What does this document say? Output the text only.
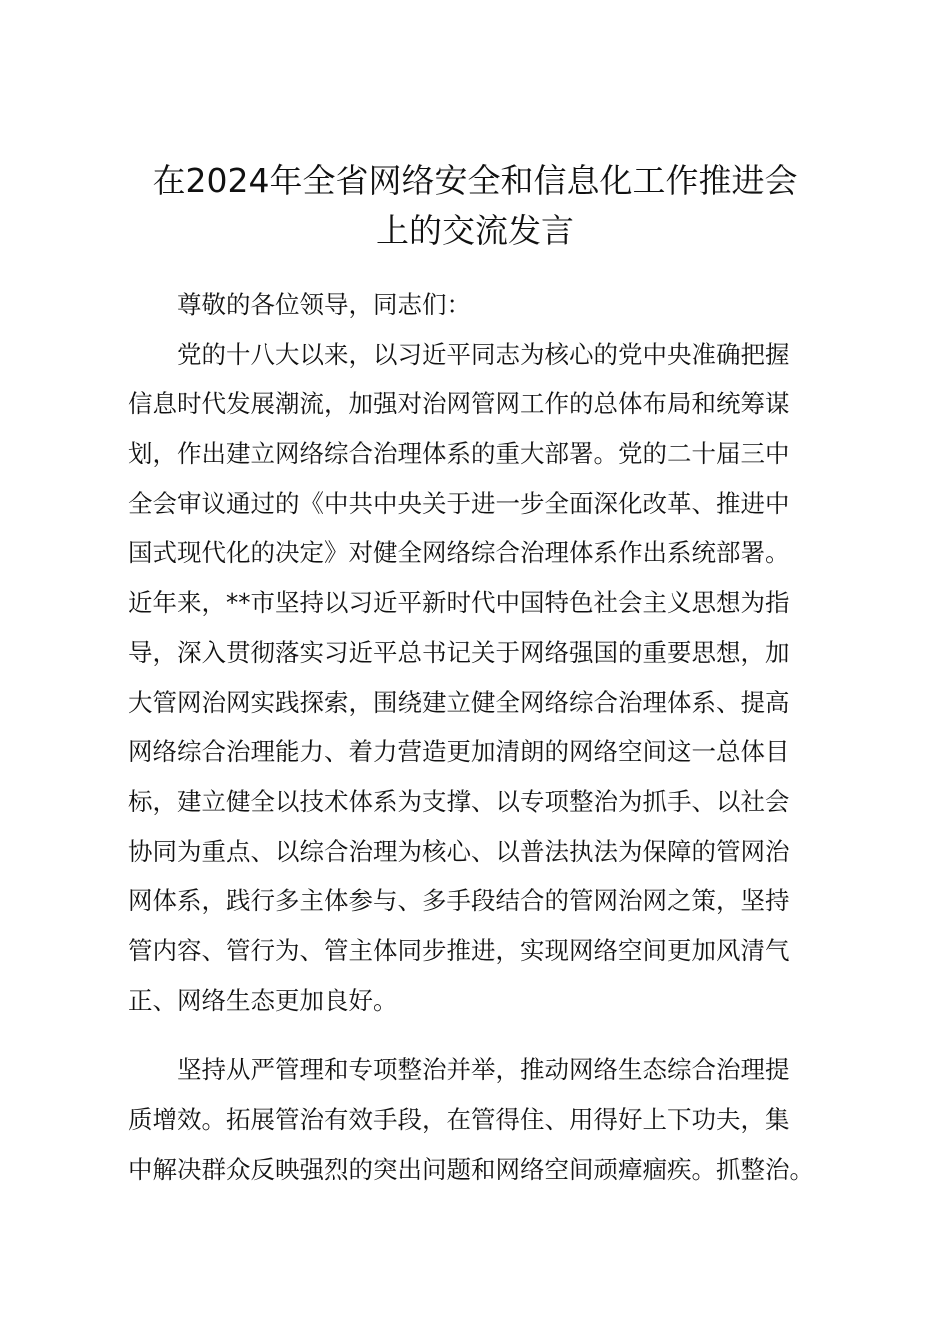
在2024年全省网络安全和信息化工作推进会
上的交流发言
尊敬的各位领导，同志们：
党的十八大以来，以习近平同志为核心的党中央准确把握
信息时代发展潮流，加强对治网管网工作的总体布局和统筹谋
划，作出建立网络综合治理体系的重大部署。党的二十届三中
全会审议通过的《中共中央关于进一步全面深化改革、推进中
国式现代化的决定》对健全网络综合治理体系作出系统部署。
近年来，**市坚持以习近平新时代中国特色社会主义思想为指
导，深入贯彻落实习近平总书记关于网络强国的重要思想，加
大管网治网实践探索，围绕建立健全网络综合治理体系、提高
网络综合治理能力、着力营造更加清朗的网络空间这一总体目
标，建立健全以技术体系为支撑、以专项整治为抓手、以社会
协同为重点、以综合治理为核心、以普法执法为保障的管网治
网体系，践行多主体参与、多手段结合的管网治网之策，坚持
管内容、管行为、管主体同步推进，实现网络空间更加风清气
正、网络生态更加良好。
坚持从严管理和专项整治并举，推动网络生态综合治理提
质增效。拓展管治有效手段，在管得住、用得好上下功夫，集
中解决群众反映强烈的突出问题和网络空间顽瘴痼疾。抓整治。
